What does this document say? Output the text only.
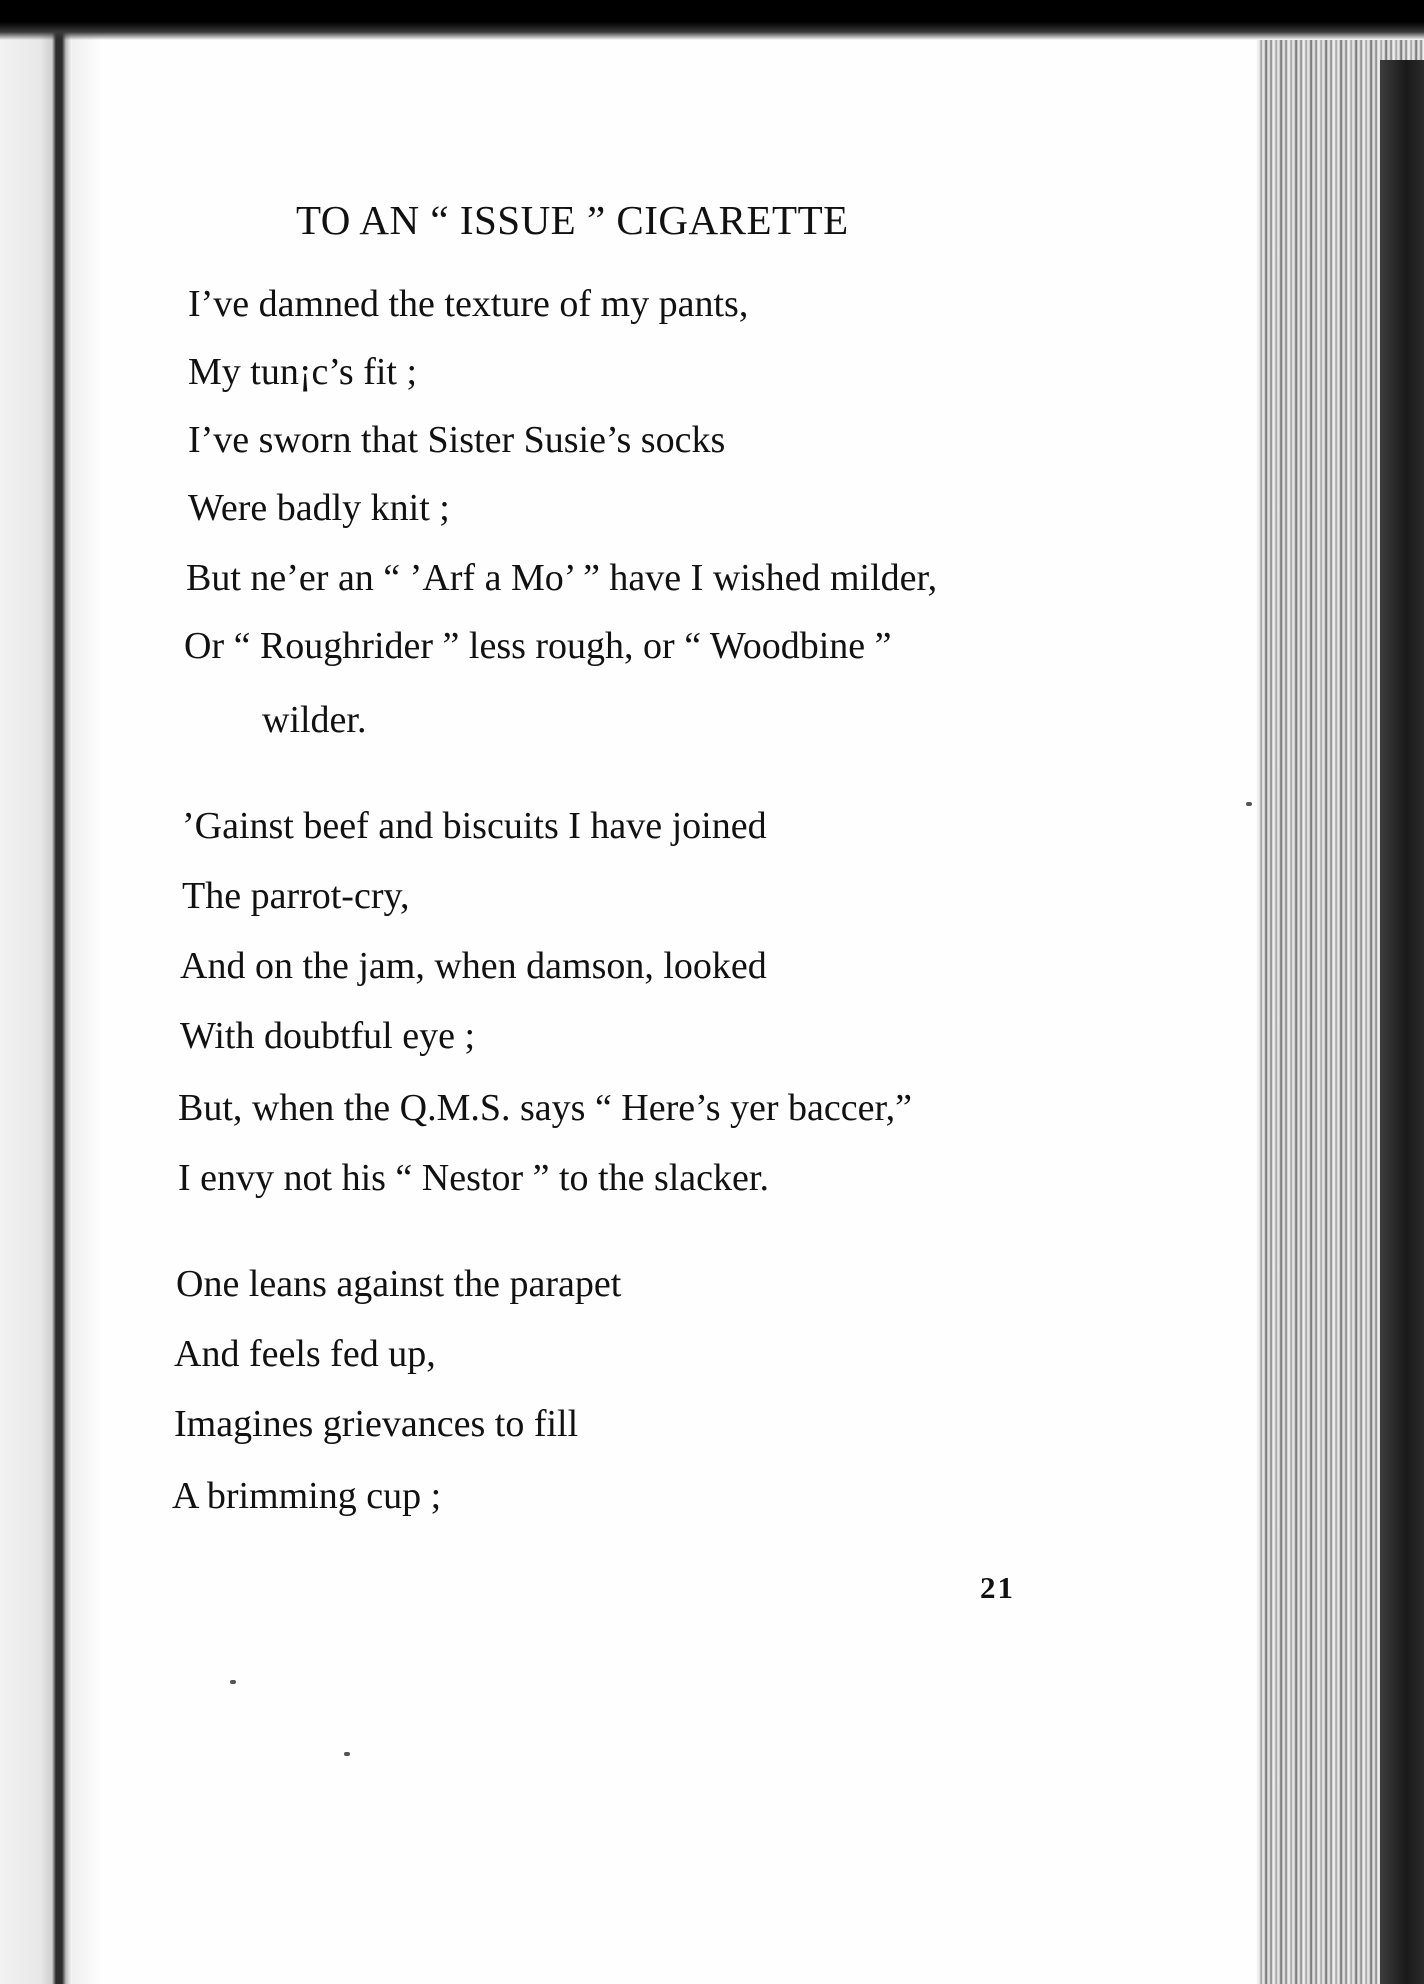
TO AN “ ISSUE ” CIGARETTE
I’ve damned the texture of my pants,
My tun¡c’s fit ;
I’ve sworn that Sister Susie’s socks
Were badly knit ;
But ne’er an “ ’Arf a Mo’ ” have I wished milder,
Or “ Roughrider ” less rough, or “ Woodbine ”
wilder.
’Gainst beef and biscuits I have joined
The parrot-cry,
And on the jam, when damson, looked
With doubtful eye ;
But, when the Q.M.S. says “ Here’s yer baccer,”
I envy not his “ Nestor ” to the slacker.
One leans against the parapet
And feels fed up,
Imagines grievances to fill
A brimming cup ;
21
